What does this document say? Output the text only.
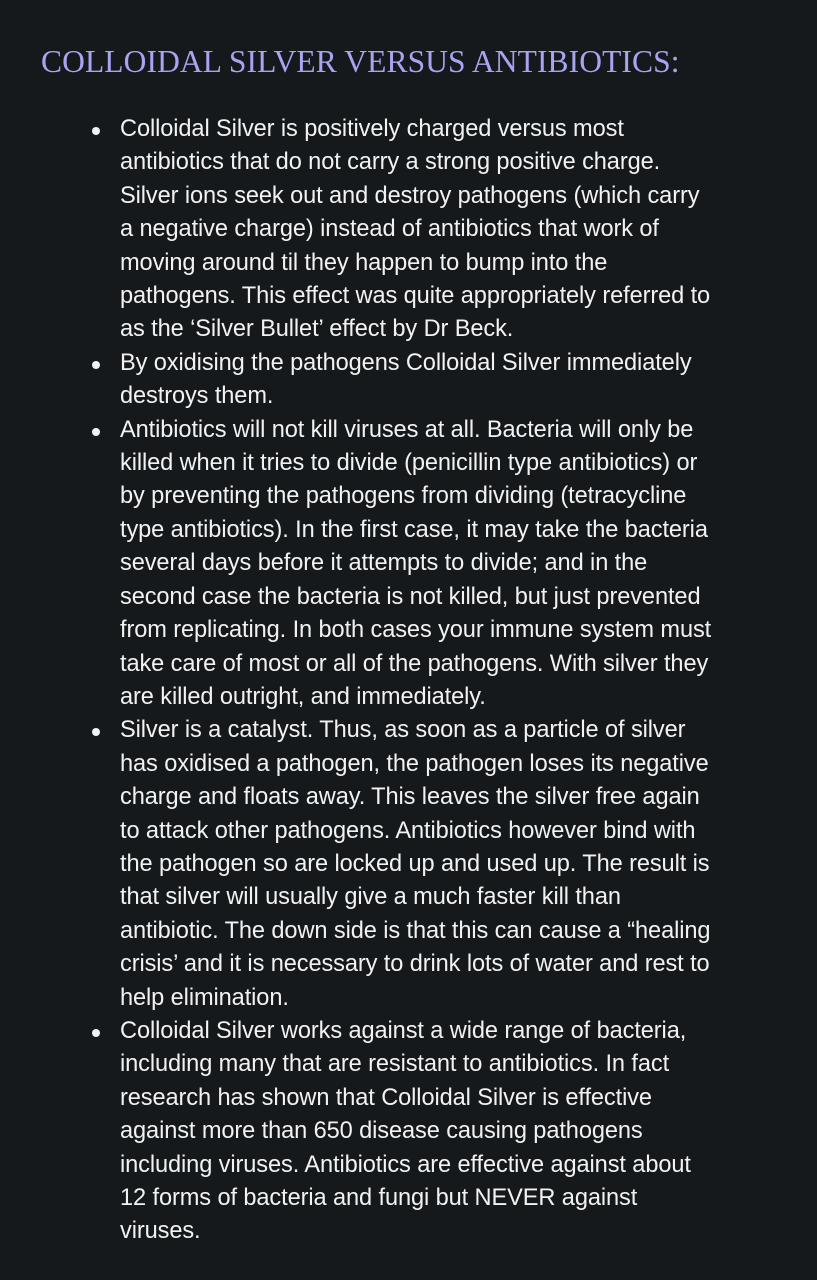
COLLOIDAL SILVER VERSUS ANTIBIOTICS:
Colloidal Silver is positively charged versus most
antibiotics that do not carry a strong positive charge.
Silver ions seek out and destroy pathogens (which carry
a negative charge) instead of antibiotics that work of
moving around til they happen to bump into the
pathogens. This effect was quite appropriately referred to
as the ‘Silver Bullet’ effect by Dr Beck.
By oxidising the pathogens Colloidal Silver immediately
destroys them.
Antibiotics will not kill viruses at all. Bacteria will only be
killed when it tries to divide (penicillin type antibiotics) or
by preventing the pathogens from dividing (tetracycline
type antibiotics). In the first case, it may take the bacteria
several days before it attempts to divide; and in the
second case the bacteria is not killed, but just prevented
from replicating. In both cases your immune system must
take care of most or all of the pathogens. With silver they
are killed outright, and immediately.
Silver is a catalyst. Thus, as soon as a particle of silver
has oxidised a pathogen, the pathogen loses its negative
charge and floats away. This leaves the silver free again
to attack other pathogens. Antibiotics however bind with
the pathogen so are locked up and used up. The result is
that silver will usually give a much faster kill than
antibiotic. The down side is that this can cause a “healing
crisis’ and it is necessary to drink lots of water and rest to
help elimination.
Colloidal Silver works against a wide range of bacteria,
including many that are resistant to antibiotics. In fact
research has shown that Colloidal Silver is effective
against more than 650 disease causing pathogens
including viruses. Antibiotics are effective against about
12 forms of bacteria and fungi but NEVER against
viruses.
